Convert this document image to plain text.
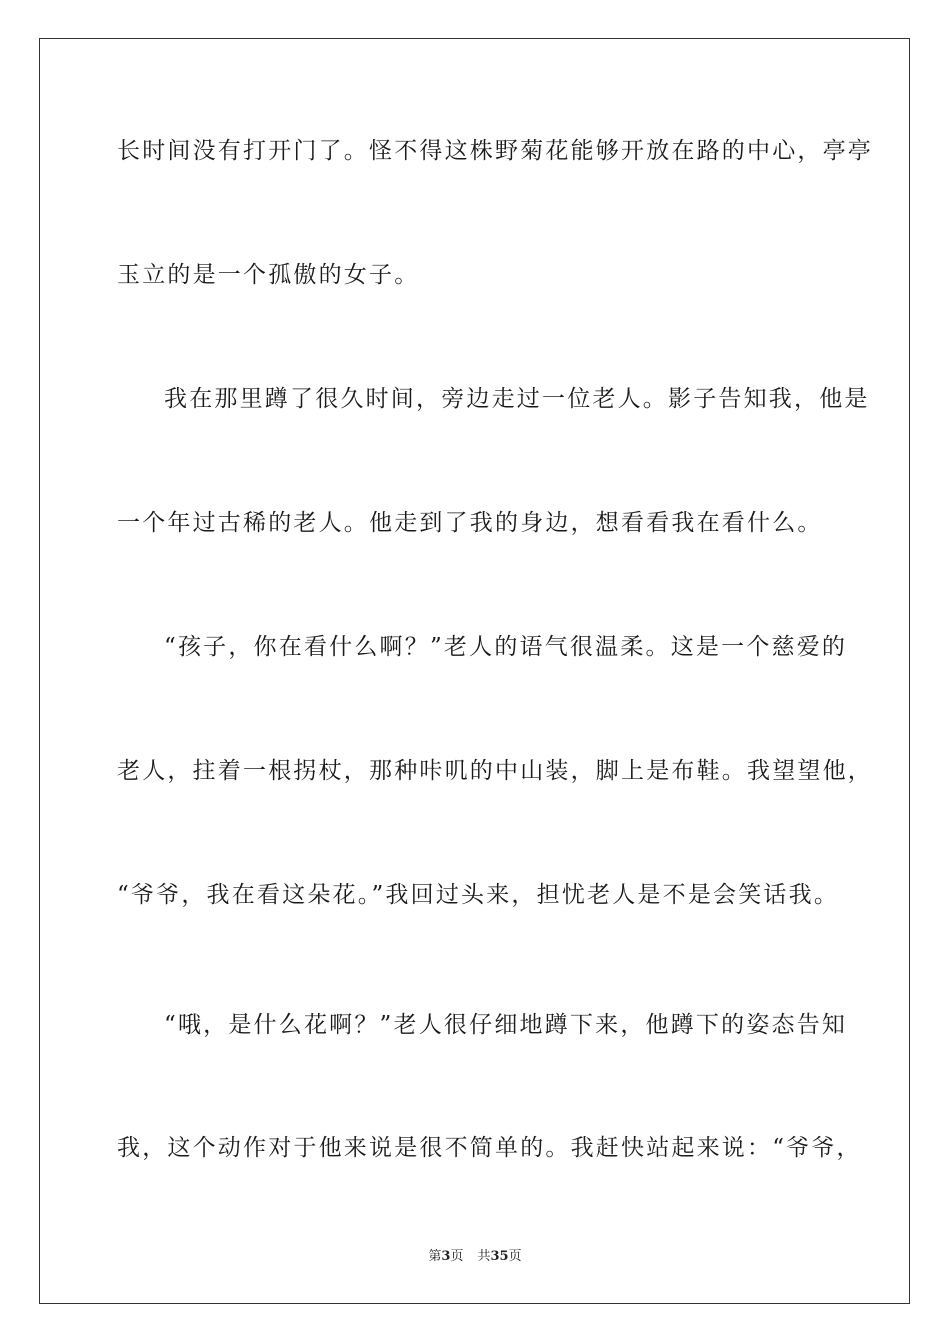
长时间没有打开门了。怪不得这株野菊花能够开放在路的中心，亭亭
玉立的是一个孤傲的女子。
我在那里蹲了很久时间，旁边走过一位老人。影子告知我，他是
一个年过古稀的老人。他走到了我的身边，想看看我在看什么。
“孩子，你在看什么啊？”老人的语气很温柔。这是一个慈爱的
老人，拄着一根拐杖，那种咔叽的中山装，脚上是布鞋。我望望他，
“爷爷，我在看这朵花。”我回过头来，担忧老人是不是会笑话我。
“哦，是什么花啊？”老人很仔细地蹲下来，他蹲下的姿态告知
我，这个动作对于他来说是很不简单的。我赶快站起来说：“爷爷，
第3页 共35页
